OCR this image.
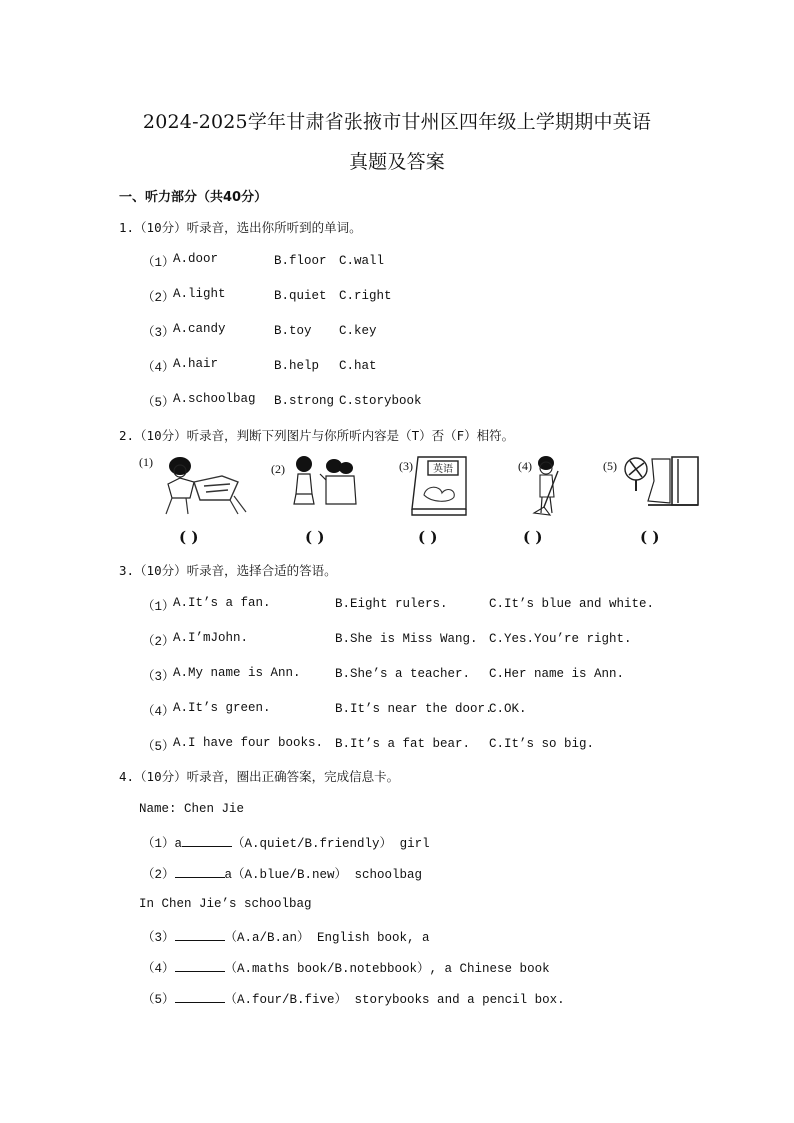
2024-2025学年甘肃省张掖市甘州区四年级上学期期中英语
真题及答案
一、听力部分（共40分）
1.（10分）听录音，选出你所听到的单词。
（1）
A.door	B.floor C.wall
（2）
A.light	B.quiet C.right
（3）
A.candy	B.toy C.key
（4）
A.hair	B.help C.hat
（5）
A.schoolbag B.strong C.storybook
2.（10分）听录音，判断下列图片与你所听内容是（T）否（F）相符。
(1)
( )
(2)
( )
(3) 英语
( )
(4)
( )
(5)
( )
3.（10分）听录音，选择合适的答语。
（1）
A.It’s a fan.	B.Eight rulers.	C.It’s blue and white.
（2）
A.I’mJohn.	B.She is Miss Wang. C.Yes.You’re right.
（3）
A.My name is Ann.	B.She’s a teacher. C.Her name is Ann.
（4）
A.It’s green.	B.It’s near the door.
C.OK.
（5）
A.I have four books. B.It’s a fat bear. C.It’s so big.
4.（10分）听录音，圈出正确答案，完成信息卡。
Name: Chen Jie
（1）a	（A.quiet/B.friendly） girl
（2）	a（A.blue/B.new） schoolbag
In Chen Jie’s schoolbag
（3）	（A.a/B.an） English book, a
（4）	（A.maths book/B.notebbook）, a Chinese book
（5）	（A.four/B.five） storybooks and a pencil box.
